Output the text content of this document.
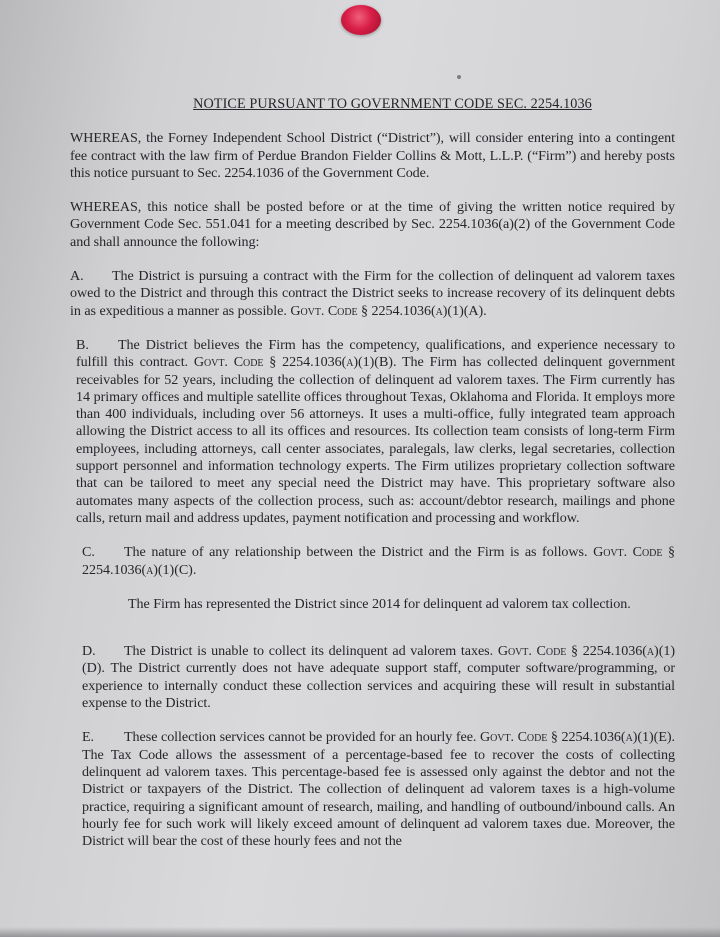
NOTICE PURSUANT TO GOVERNMENT CODE SEC. 2254.1036

WHEREAS, the Forney Independent School District (“District”), will consider entering into a contingent fee contract with the law firm of Perdue Brandon Fielder Collins & Mott, L.L.P. (“Firm”) and hereby posts this notice pursuant to Sec. 2254.1036 of the Government Code.

WHEREAS, this notice shall be posted before or at the time of giving the written notice required by Government Code Sec. 551.041 for a meeting described by Sec. 2254.1036(a)(2) of the Government Code and shall announce the following:

A. The District is pursuing a contract with the Firm for the collection of delinquent ad valorem taxes owed to the District and through this contract the District seeks to increase recovery of its delinquent debts in as expeditious a manner as possible. Govt. Code § 2254.1036(a)(1)(A).
B. The District believes the Firm has the competency, qualifications, and experience necessary to fulfill this contract. Govt. Code § 2254.1036(a)(1)(B). The Firm has collected delinquent government receivables for 52 years, including the collection of delinquent ad valorem taxes. The Firm currently has 14 primary offices and multiple satellite offices throughout Texas, Oklahoma and Florida. It employs more than 400 individuals, including over 56 attorneys. It uses a multi-office, fully integrated team approach allowing the District access to all its offices and resources. Its collection team consists of long-term Firm employees, including attorneys, call center associates, paralegals, law clerks, legal secretaries, collection support personnel and information technology experts. The Firm utilizes proprietary collection software that can be tailored to meet any special need the District may have. This proprietary software also automates many aspects of the collection process, such as: account/debtor research, mailings and phone calls, return mail and address updates, payment notification and processing and workflow.
C. The nature of any relationship between the District and the Firm is as follows. Govt. Code § 2254.1036(a)(1)(C).
The Firm has represented the District since 2014 for delinquent ad valorem tax collection.
D. The District is unable to collect its delinquent ad valorem taxes. Govt. Code § 2254.1036(a)(1)(D). The District currently does not have adequate support staff, computer software/programming, or experience to internally conduct these collection services and acquiring these will result in substantial expense to the District.
E. These collection services cannot be provided for an hourly fee. Govt. Code § 2254.1036(a)(1)(E). The Tax Code allows the assessment of a percentage-based fee to recover the costs of collecting delinquent ad valorem taxes. This percentage-based fee is assessed only against the debtor and not the District or taxpayers of the District. The collection of delinquent ad valorem taxes is a high-volume practice, requiring a significant amount of research, mailing, and handling of outbound/inbound calls. An hourly fee for such work will likely exceed amount of delinquent ad valorem taxes due. Moreover, the District will bear the cost of these hourly fees and not the
